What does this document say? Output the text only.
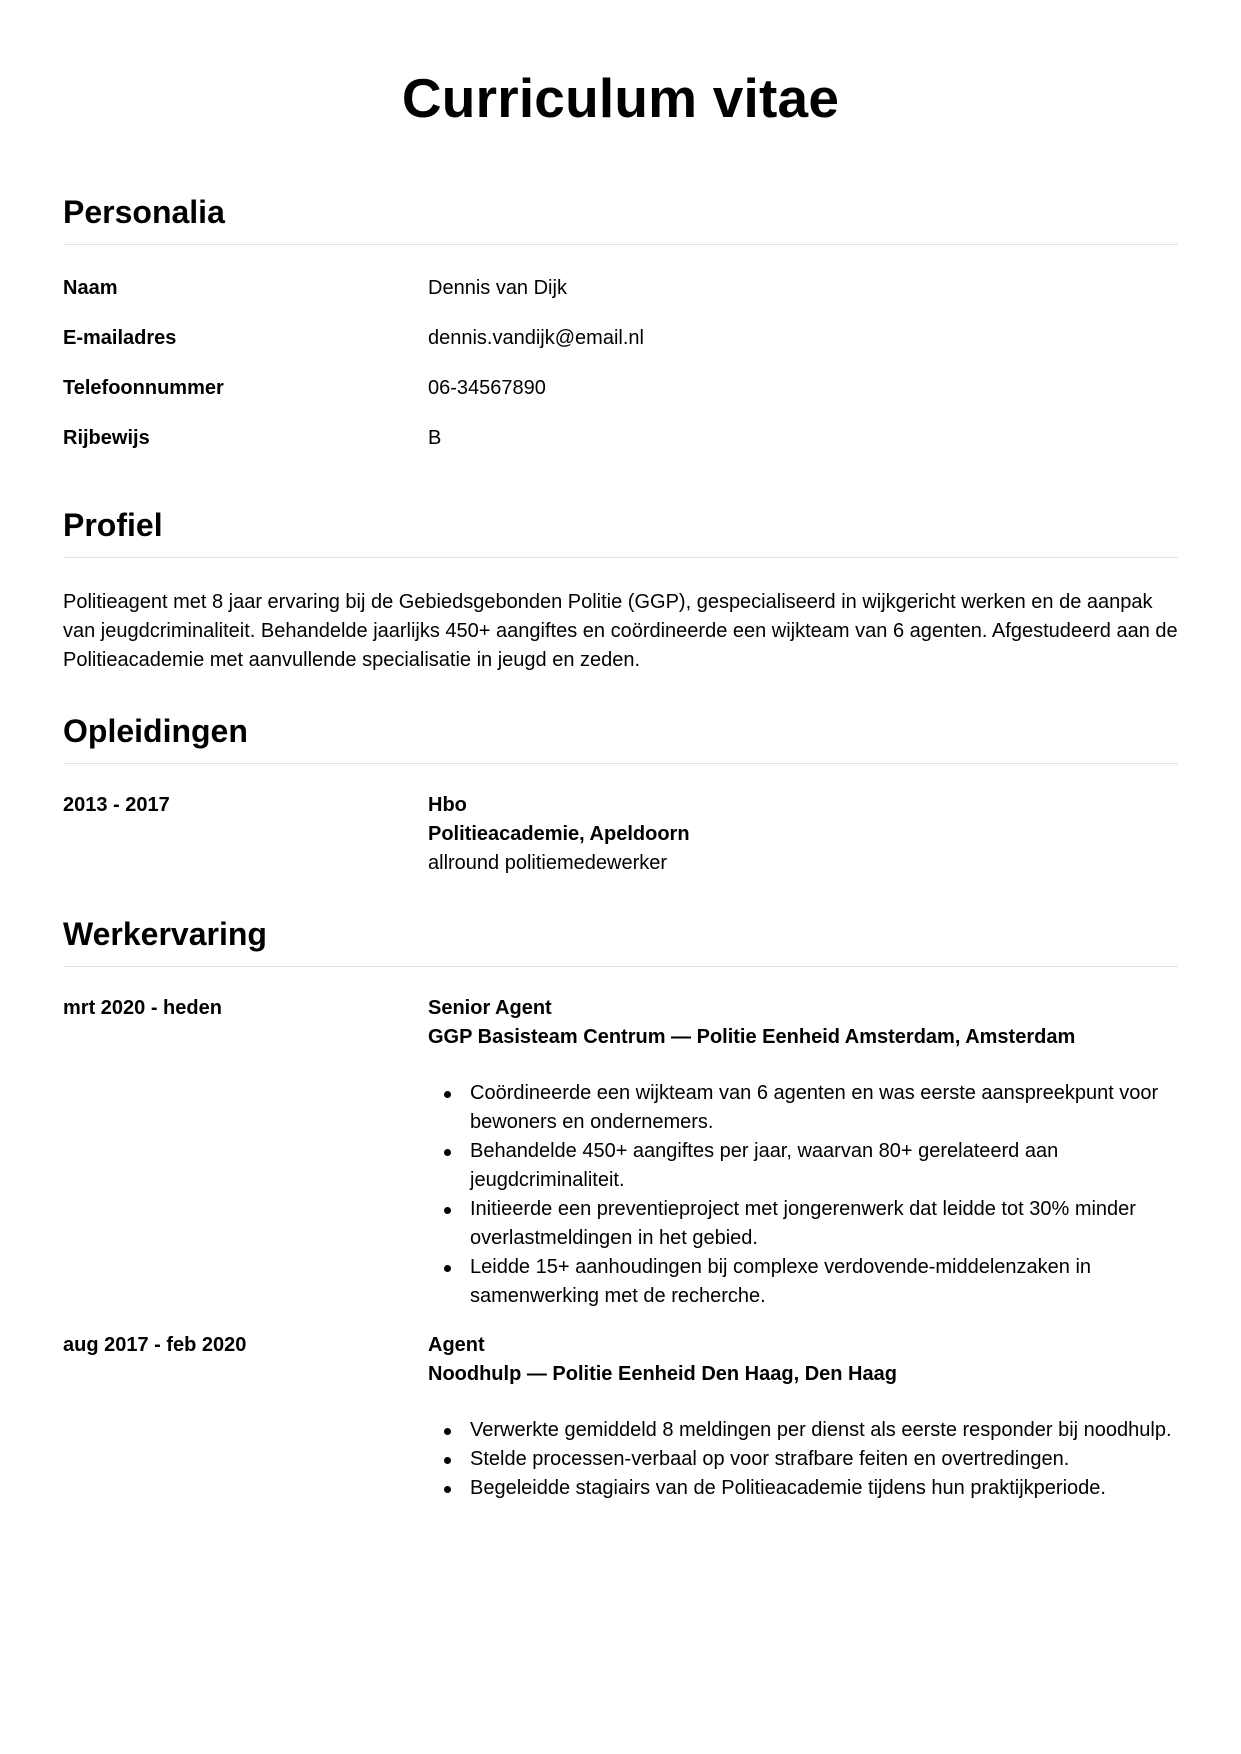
Curriculum vitae
Personalia
Naam	Dennis van Dijk
E-mailadres	dennis.vandijk@email.nl
Telefoonnummer	06-34567890
Rijbewijs	B
Profiel

Politieagent met 8 jaar ervaring bij de Gebiedsgebonden Politie (GGP), gespecialiseerd in wijkgericht werken en de aanpak van jeugdcriminaliteit. Behandelde jaarlijks 450+ aangiftes en coördineerde een wijkteam van 6 agenten. Afgestudeerd aan de Politieacademie met aanvullende specialisatie in jeugd en zeden.

Opleidingen
2013 - 2017	Hbo
Politieacademie, Apeldoorn
allround politiemedewerker
Werkervaring
mrt 2020 - heden	Senior Agent
GGP Basisteam Centrum — Politie Eenheid Amsterdam, Amsterdam
Coördineerde een wijkteam van 6 agenten en was eerste aanspreekpunt voor bewoners en ondernemers.
Behandelde 450+ aangiftes per jaar, waarvan 80+ gerelateerd aan jeugdcriminaliteit.
Initieerde een preventieproject met jongerenwerk dat leidde tot 30% minder overlastmeldingen in het gebied.
Leidde 15+ aanhoudingen bij complexe verdovende-middelenzaken in samenwerking met de recherche.
aug 2017 - feb 2020	Agent
Noodhulp — Politie Eenheid Den Haag, Den Haag
Verwerkte gemiddeld 8 meldingen per dienst als eerste responder bij noodhulp.
Stelde processen-verbaal op voor strafbare feiten en overtredingen.
Begeleidde stagiairs van de Politieacademie tijdens hun praktijkperiode.
